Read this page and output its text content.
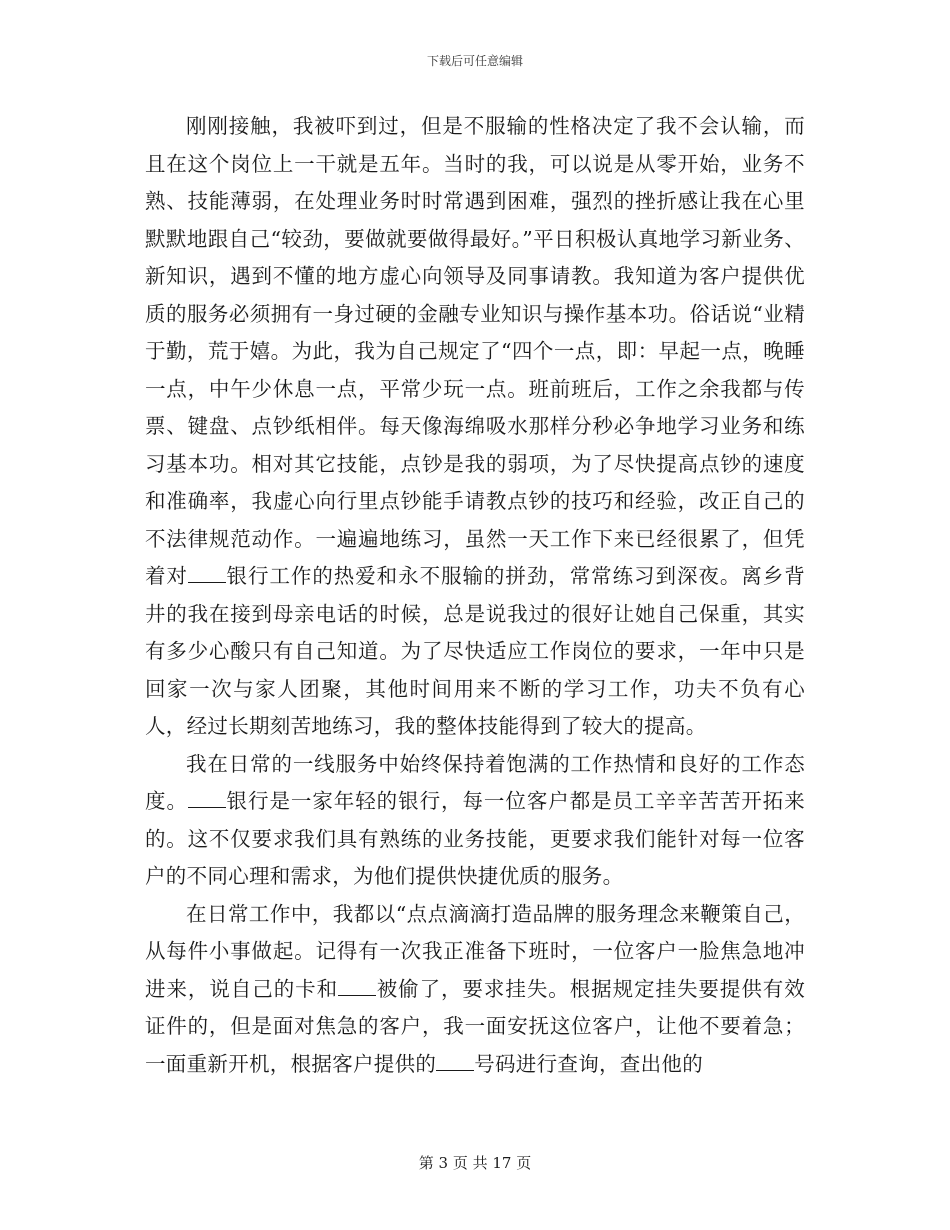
下载后可任意编辑

刚刚接触，我被吓到过，但是不服输的性格决定了我不会认输，而且在这个岗位上一干就是五年。当时的我，可以说是从零开始，业务不熟、技能薄弱，在处理业务时时常遇到困难，强烈的挫折感让我在心里默默地跟自己“较劲，要做就要做得最好。”平日积极认真地学习新业务、新知识，遇到不懂的地方虚心向领导及同事请教。我知道为客户提供优质的服务必须拥有一身过硬的金融专业知识与操作基本功。俗话说“业精于勤，荒于嬉。为此，我为自己规定了“四个一点，即：早起一点，晚睡一点，中午少休息一点，平常少玩一点。班前班后，工作之余我都与传票、键盘、点钞纸相伴。每天像海绵吸水那样分秒必争地学习业务和练习基本功。相对其它技能，点钞是我的弱项，为了尽快提高点钞的速度和准确率，我虚心向行里点钞能手请教点钞的技巧和经验，改正自己的不法律规范动作。一遍遍地练习，虽然一天工作下来已经很累了，但凭着对 银行工作的热爱和永不服输的拼劲，常常练习到深夜。离乡背井的我在接到母亲电话的时候，总是说我过的很好让她自己保重，其实有多少心酸只有自己知道。为了尽快适应工作岗位的要求，一年中只是回家一次与家人团聚，其他时间用来不断的学习工作，功夫不负有心人，经过长期刻苦地练习，我的整体技能得到了较大的提高。

我在日常的一线服务中始终保持着饱满的工作热情和良好的工作态度。 银行是一家年轻的银行，每一位客户都是员工辛辛苦苦开拓来的。这不仅要求我们具有熟练的业务技能，更要求我们能针对每一位客户的不同心理和需求，为他们提供快捷优质的服务。

在日常工作中，我都以“点点滴滴打造品牌的服务理念来鞭策自己，从每件小事做起。记得有一次我正准备下班时，一位客户一脸焦急地冲进来，说自己的卡和 被偷了，要求挂失。根据规定挂失要提供有效证件的，但是面对焦急的客户，我一面安抚这位客户，让他不要着急；一面重新开机，根据客户提供的 号码进行查询，查出他的

第 3 页 共 17 页
